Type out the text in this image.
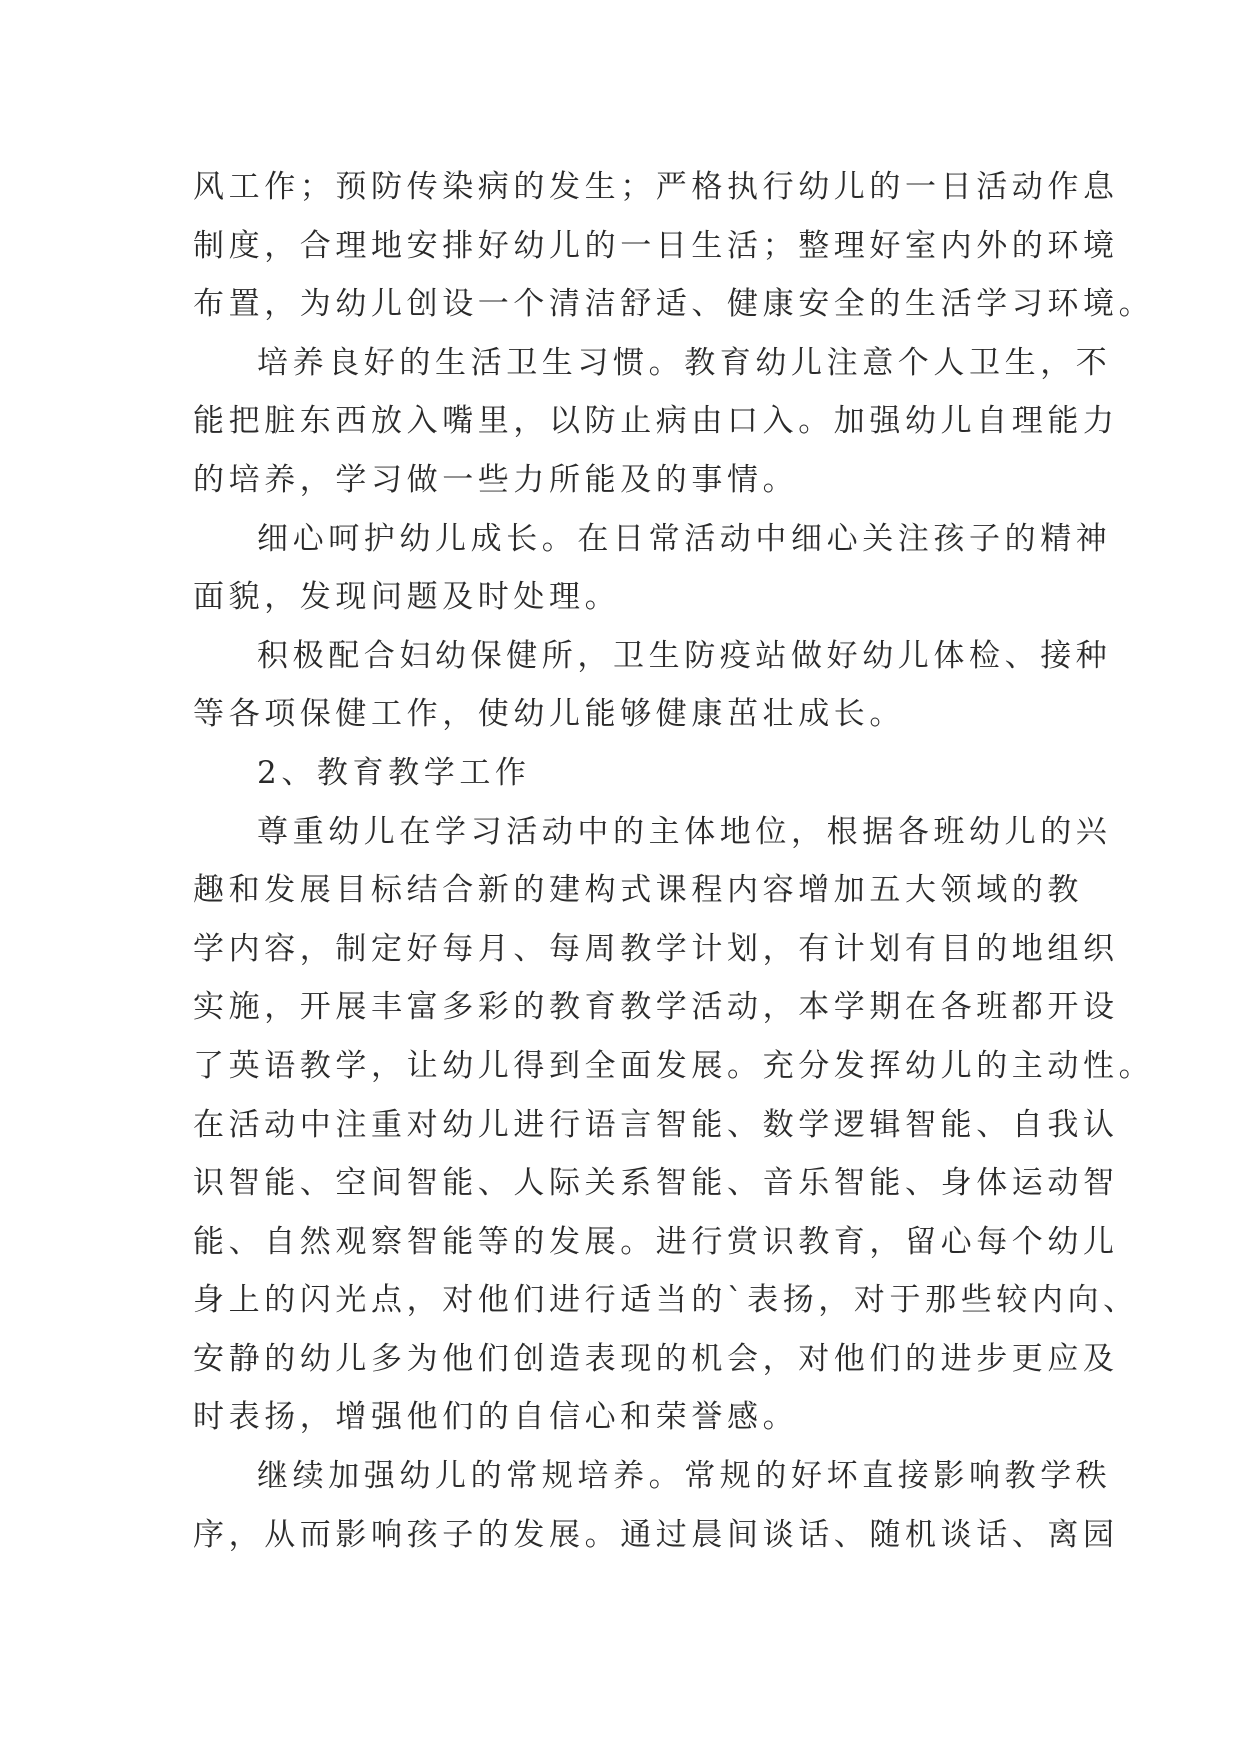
风工作；预防传染病的发生；严格执行幼儿的一日活动作息
制度，合理地安排好幼儿的一日生活；整理好室内外的环境
布置，为幼儿创设一个清洁舒适、健康安全的生活学习环境。
培养良好的生活卫生习惯。教育幼儿注意个人卫生，不
能把脏东西放入嘴里，以防止病由口入。加强幼儿自理能力
的培养，学习做一些力所能及的事情。
细心呵护幼儿成长。在日常活动中细心关注孩子的精神
面貌，发现问题及时处理。
积极配合妇幼保健所，卫生防疫站做好幼儿体检、接种
等各项保健工作，使幼儿能够健康茁壮成长。
2、教育教学工作
尊重幼儿在学习活动中的主体地位，根据各班幼儿的兴
趣和发展目标结合新的建构式课程内容增加五大领域的教
学内容，制定好每月、每周教学计划，有计划有目的地组织
实施，开展丰富多彩的教育教学活动，本学期在各班都开设
了英语教学，让幼儿得到全面发展。充分发挥幼儿的主动性。
在活动中注重对幼儿进行语言智能、数学逻辑智能、自我认
识智能、空间智能、人际关系智能、音乐智能、身体运动智
能、自然观察智能等的发展。进行赏识教育，留心每个幼儿
身上的闪光点，对他们进行适当的`表扬，对于那些较内向、
安静的幼儿多为他们创造表现的机会，对他们的进步更应及
时表扬，增强他们的自信心和荣誉感。
继续加强幼儿的常规培养。常规的好坏直接影响教学秩
序，从而影响孩子的发展。通过晨间谈话、随机谈话、离园
